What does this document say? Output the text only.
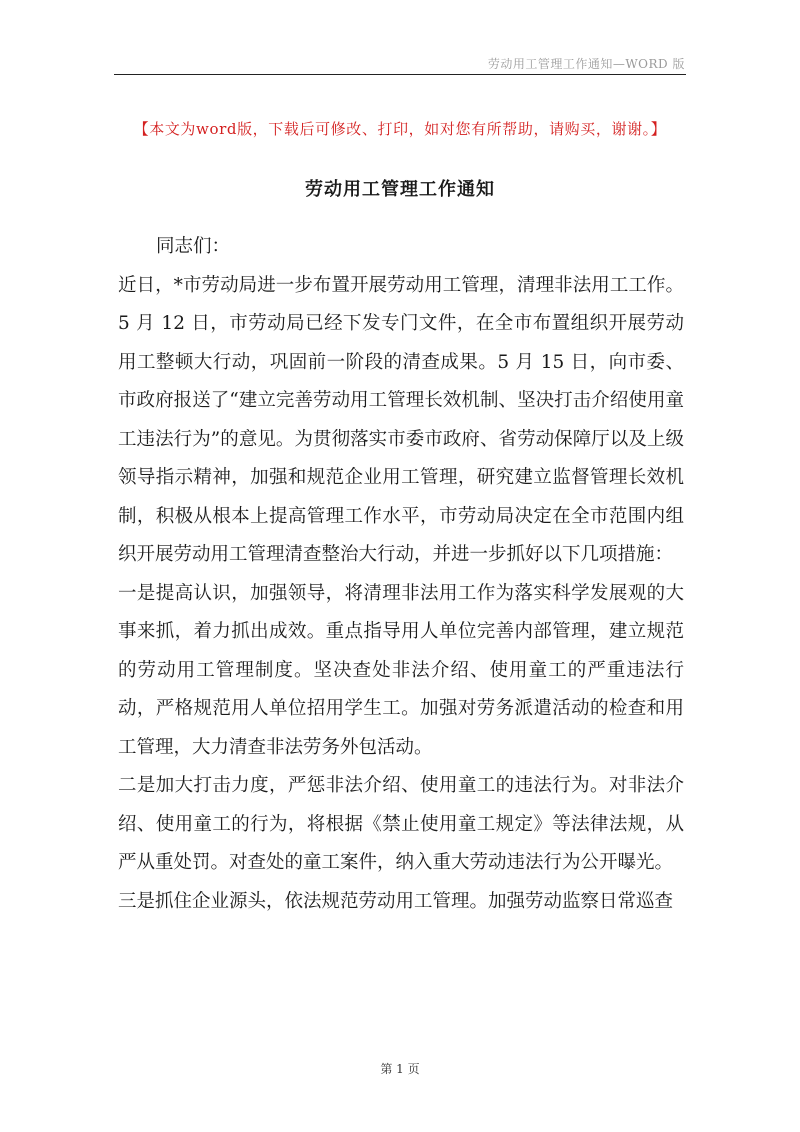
劳动用工管理工作通知—WORD 版
【本文为word版，下载后可修改、打印，如对您有所帮助，请购买，谢谢。】
劳动用工管理工作通知

同志们：

近日，*市劳动局进一步布置开展劳动用工管理，清理非法用工工作。5 月 12 日，市劳动局已经下发专门文件，在全市布置组织开展劳动用工整顿大行动，巩固前一阶段的清查成果。5 月 15 日，向市委、市政府报送了“建立完善劳动用工管理长效机制、坚决打击介绍使用童工违法行为”的意见。为贯彻落实市委市政府、省劳动保障厅以及上级领导指示精神，加强和规范企业用工管理，研究建立监督管理长效机制，积极从根本上提高管理工作水平，市劳动局决定在全市范围内组织开展劳动用工管理清查整治大行动，并进一步抓好以下几项措施：

一是提高认识，加强领导，将清理非法用工作为落实科学发展观的大事来抓，着力抓出成效。重点指导用人单位完善内部管理，建立规范的劳动用工管理制度。坚决查处非法介绍、使用童工的严重违法行动，严格规范用人单位招用学生工。加强对劳务派遣活动的检查和用工管理，大力清查非法劳务外包活动。

二是加大打击力度，严惩非法介绍、使用童工的违法行为。对非法介绍、使用童工的行为，将根据《禁止使用童工规定》等法律法规，从严从重处罚。对查处的童工案件，纳入重大劳动违法行为公开曝光。

三是抓住企业源头，依法规范劳动用工管理。加强劳动监察日常巡查

第 1 页
